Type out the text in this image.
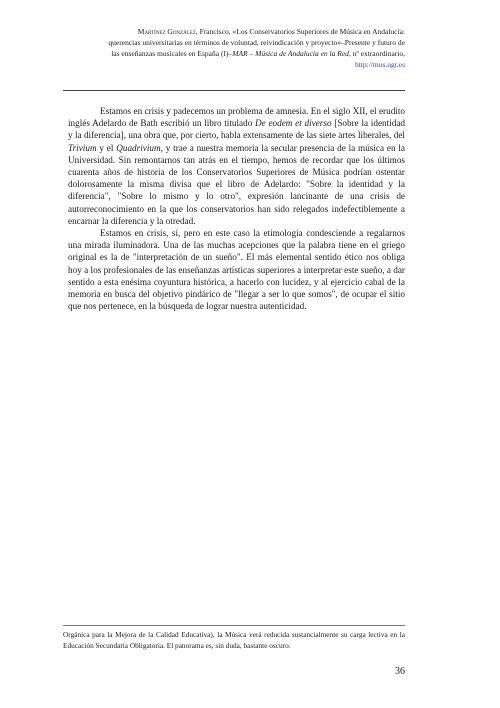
Martínez González, Francisco, «Los Conservatorios Superiores de Música en Andalucía:
querencias universitarias en términos de voluntad, reivindicación y proyecto»–Presente y futuro de
las enseñanzas musicales en España (I)–MAR – Música de Andalucía en la Red, nº extraordinario,
http://mus.ugr.es

Estamos en crisis y padecemos un problema de amnesia. En el siglo XII, el erudito inglés Adelardo de Bath escribió un libro titulado De eodem et diverso [Sobre la identidad y la diferencia], una obra que, por cierto, habla extensamente de las siete artes liberales, del Trivium y el Quadrivium, y trae a nuestra memoria la secular presencia de la música en la Universidad. Sin remontarnos tan atrás en el tiempo, hemos de recordar que los últimos cuarenta años de historia de los Conservatorios Superiores de Música podrían ostentar dolorosamente la misma divisa que el libro de Adelardo: "Sobre la identidad y la diferencia", "Sobre lo mismo y lo otro", expresión lancinante de una crisis de autorreconocimiento en la que los conservatorios han sido relegados indefectiblemente a encarnar la diferencia y la otredad.

Estamos en crisis, sí, pero en este caso la etimología condesciende a regalarnos una mirada iluminadora. Una de las muchas acepciones que la palabra tiene en el griego original es la de "interpretación de un sueño". El más elemental sentido ético nos obliga hoy a los profesionales de las enseñanzas artísticas superiores a interpretar este sueño, a dar sentido a esta enésima coyuntura histórica, a hacerlo con lucidez, y al ejercicio cabal de la memoria en busca del objetivo pindárico de "llegar a ser lo que somos", de ocupar el sitio que nos pertenece, en la búsqueda de lograr nuestra autenticidad.

Orgánica para la Mejora de la Calidad Educativa), la Música verá reducida sustancialmente su carga lectiva en la Educación Secundaria Obligatoria. El panorama es, sin duda, bastante oscuro.
36
